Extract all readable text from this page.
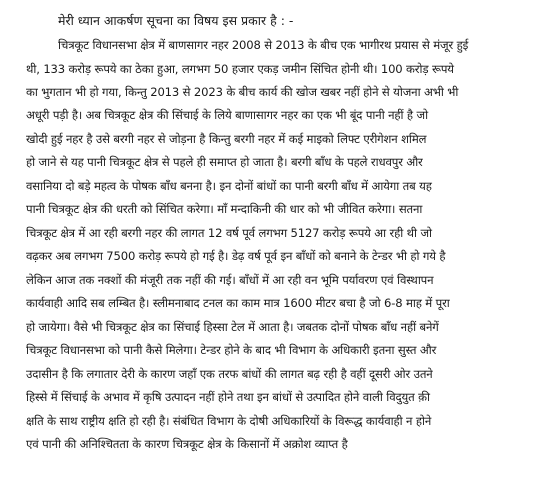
मेरी ध्यान आकर्षण सूचना का विषय इस प्रकार है : -
चित्रकूट विधानसभा क्षेत्र में बाणसागर नहर 2008 से 2013 के बीच एक भागीरथ प्रयास से मंजूर हुई
थी, 133 करोड़ रूपये का ठेका हुआ, लगभग 50 हजार एकड़ जमीन सिंचित होनी थी। 100 करोड़ रूपये
का भुगतान भी हो गया, किन्तु 2013 से 2023 के बीच कार्य की खोज खबर नहीं होने से योजना अभी भी
अधूरी पड़ी है। अब चित्रकूट क्षेत्र की सिंचाई के लिये बाणासागर नहर का एक भी बूंद पानी नहीं है जो
खोदी हुई नहर है उसे बरगी नहर से जोड़ना है किन्तु बरगी नहर में कई माइको लिफ्ट एरीगेशन शमिल
हो जाने से यह पानी चित्रकूट क्षेत्र से पहले ही समाप्त हो जाता है। बरगी बाँध के पहले राधवपुर और
वसानिया दो बड़े महत्व के पोषक बाँध बनना है। इन दोनों बांधों का पानी बरगी बाँध में आयेगा तब यह
पानी चित्रकूट क्षेत्र की धरती को सिंचित करेगा। माँ मन्दाकिनी की धार को भी जीवित करेगा। सतना
चित्रकूट क्षेत्र में आ रही बरगी नहर की लागत 12 वर्ष पूर्व लगभग 5127 करोड़ रूपये आ रही थी जो
वढ़कर अब लगभग 7500 करोड़ रूपये हो गई है। डेढ़ वर्ष पूर्व इन बाँधों को बनाने के टेन्डर भी हो गये है
लेकिन आज तक नक्शों की मंजूरी तक नहीं की गई। बाँधों में आ रही वन भूमि पर्यावरण एवं विस्थापन
कार्यवाही आदि सब लम्बित है। स्लीमनाबाद टनल का काम मात्र 1600 मीटर बचा है जो 6-8 माह में पूरा
हो जायेगा। वैसे भी चित्रकूट क्षेत्र का सिंचाई हिस्सा टेल में आता है। जबतक दोनों पोषक बाँध नहीं बनेगें
चित्रकूट विधानसभा को पानी कैसे मिलेगा। टेन्डर होने के बाद भी विभाग के अधिकारी इतना सुस्त और
उदासीन है कि लगातार देरी के कारण जहाँ एक तरफ बांधों की लागत बढ़ रही है वहीं दूसरी ओर उतने
हिस्से में सिंचाई के अभाव में कृषि उत्पादन नहीं होने तथा इन बांधों से उत्पादित होने वाली विदुयुत क़ी
क्षति के साथ राष्ट्रीय क्षति हो रही है। संबंधित विभाग के दोषी अधिकारियों के विरूद्ध कार्यवाही न होने
एवं पानी की अनिश्चितता के कारण चित्रकूट क्षेत्र के किसानों में अक्रोश व्याप्त है
